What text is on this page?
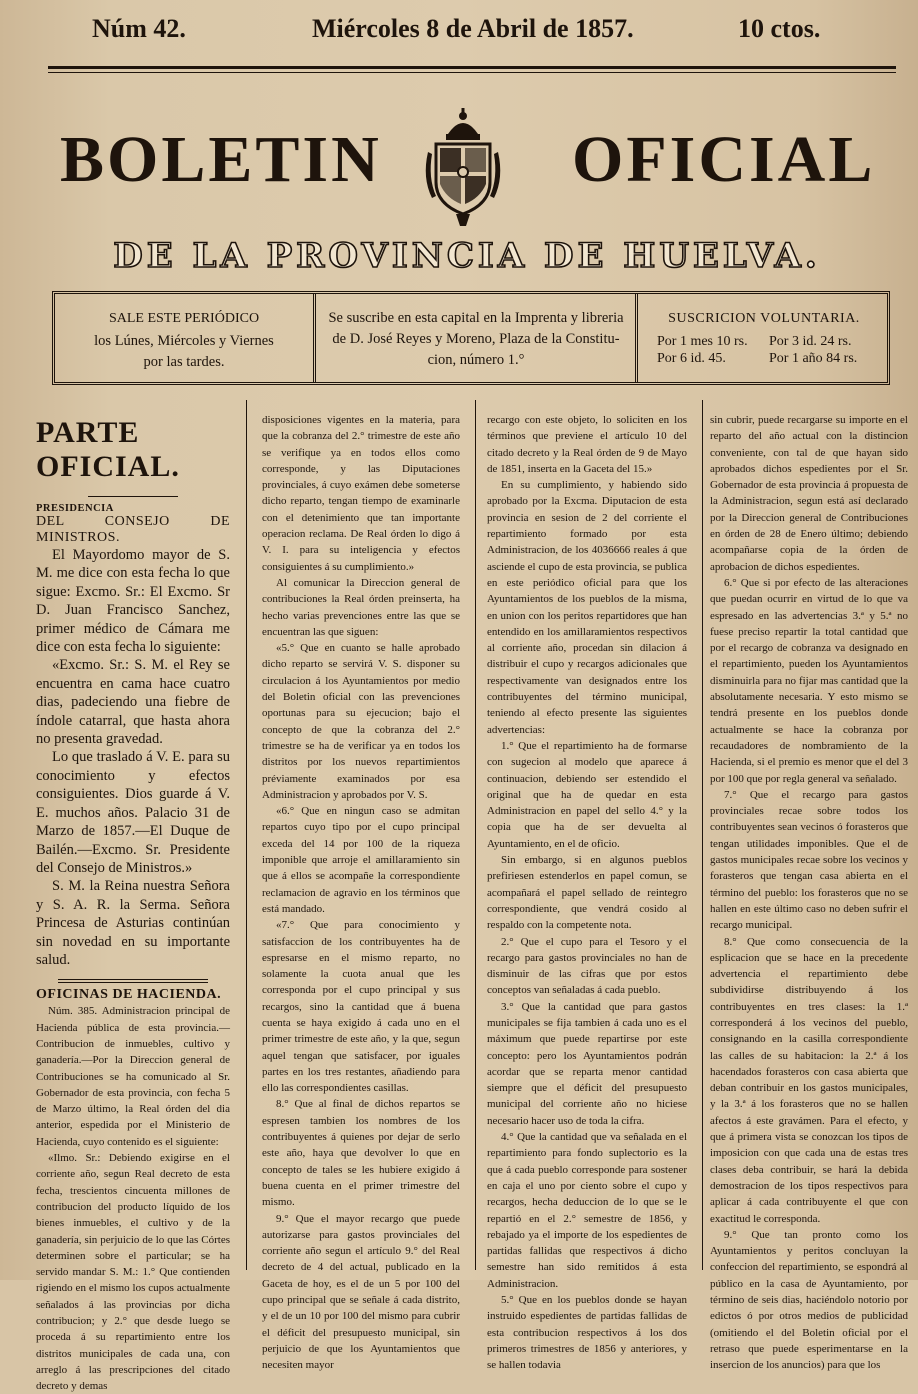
Núm 42.	Miércoles 8 de Abril de 1857.	10 ctos.
BOLETIN	OFICIAL
DE LA PROVINCIA DE HUELVA.
SALE ESTE PERIÓDICO
los Lúnes, Miércoles y Viernes
por las tardes.
Se suscribe en esta capital en la Imprenta y libreria
de D. José Reyes y Moreno, Plaza de la Constitu-
cion, número 1.°
SUSCRICION VOLUNTARIA.
Por 1 mes 10 rs.	Por 3 id. 24 rs.
Por 6 id. 45.	Por 1 año 84 rs.
PARTE OFICIAL.

PRESIDENCIA

DEL CONSEJO DE MINISTROS.

El Mayordomo mayor de S. M. me dice con esta fecha lo que sigue: Excmo. Sr.: El Excmo. Sr D. Juan Francisco Sanchez, primer médico de Cámara me dice con esta fecha lo siguiente:

«Excmo. Sr.: S. M. el Rey se encuentra en cama hace cuatro dias, padeciendo una fiebre de índole catarral, que hasta ahora no presenta gravedad.

Lo que traslado á V. E. para su conocimiento y efectos consiguientes. Dios guarde á V. E. muchos años. Palacio 31 de Marzo de 1857.—El Duque de Bailén.—Excmo. Sr. Presidente del Consejo de Ministros.»

S. M. la Reina nuestra Señora y S. A. R. la Serma. Señora Princesa de Asturias continúan sin novedad en su importante salud.

OFICINAS DE HACIENDA.

Núm. 385. Administracion principal de Hacienda pública de esta provincia.—Contribucion de inmuebles, cultivo y ganadería.—Por la Direccion general de Contribuciones se ha comunicado al Sr. Gobernador de esta provincia, con fecha 5 de Marzo último, la Real órden del dia anterior, espedida por el Ministerio de Hacienda, cuyo contenido es el siguiente:

«Ilmo. Sr.: Debiendo exigirse en el corriente año, segun Real decreto de esta fecha, trescientos cincuenta millones de contribucion del producto líquido de los bienes inmuebles, el cultivo y de la ganadería, sin perjuicio de lo que las Córtes determinen sobre el particular; se ha servido mandar S. M.: 1.° Que contienden rigiendo en el mismo los cupos actualmente señalados á las provincias por dicha contribucion; y 2.° que desde luego se proceda á su repartimiento entre los distritos municipales de cada una, con arreglo á las prescripciones del citado decreto y demas

disposiciones vigentes en la materia, para que la cobranza del 2.° trimestre de este año se verifique ya en todos ellos como corresponde, y las Diputaciones provinciales, á cuyo exámen debe someterse dicho reparto, tengan tiempo de examinarle con el detenimiento que tan importante operacion reclama. De Real órden lo digo á V. I. para su inteligencia y efectos consiguientes á su cumplimiento.»

Al comunicar la Direccion general de contribuciones la Real órden preinserta, ha hecho varias prevenciones entre las que se encuentran las que siguen:

«5.° Que en cuanto se halle aprobado dicho reparto se servirá V. S. disponer su circulacion á los Ayuntamientos por medio del Boletin oficial con las prevenciones oportunas para su ejecucion; bajo el concepto de que la cobranza del 2.° trimestre se ha de verificar ya en todos los distritos por los nuevos repartimientos préviamente examinados por esa Administracion y aprobados por V. S.

«6.° Que en ningun caso se admitan repartos cuyo tipo por el cupo principal exceda del 14 por 100 de la riqueza imponible que arroje el amillaramiento sin que á ellos se acompañe la correspondiente reclamacion de agravio en los términos que está mandado.

«7.° Que para conocimiento y satisfaccion de los contribuyentes ha de espresarse en el mismo reparto, no solamente la cuota anual que les corresponda por el cupo principal y sus recargos, sino la cantidad que á buena cuenta se haya exigido á cada uno en el primer trimestre de este año, y la que, segun aquel tengan que satisfacer, por iguales partes en los tres restantes, añadiendo para ello las correspondientes casillas.

8.° Que al final de dichos repartos se espresen tambien los nombres de los contribuyentes á quienes por dejar de serlo este año, haya que devolver lo que en concepto de tales se les hubiere exigido á buena cuenta en el primer trimestre del mismo.

9.° Que el mayor recargo que puede autorizarse para gastos provinciales del corriente año segun el artículo 9.° del Real decreto de 4 del actual, publicado en la Gaceta de hoy, es el de un 5 por 100 del cupo principal que se señale á cada distrito, y el de un 10 por 100 del mismo para cubrir el déficit del presupuesto municipal, sin perjuicio de que los Ayuntamientos que necesiten mayor

recargo con este objeto, lo soliciten en los términos que previene el artículo 10 del citado decreto y la Real órden de 9 de Mayo de 1851, inserta en la Gaceta del 15.»

En su cumplimiento, y habiendo sido aprobado por la Excma. Diputacion de esta provincia en sesion de 2 del corriente el repartimiento formado por esta Administracion, de los 4036666 reales á que asciende el cupo de esta provincia, se publica en este periódico oficial para que los Ayuntamientos de los pueblos de la misma, en union con los peritos repartidores que han entendido en los amillaramientos respectivos al corriente año, procedan sin dilacion á distribuir el cupo y recargos adicionales que respectivamente van designados entre los contribuyentes del término municipal, teniendo al efecto presente las siguientes advertencias:

1.° Que el repartimiento ha de formarse con sugecion al modelo que aparece á continuacion, debiendo ser estendido el original que ha de quedar en esta Administracion en papel del sello 4.° y la copia que ha de ser devuelta al Ayuntamiento, en el de oficio.

Sin embargo, si en algunos pueblos prefiriesen estenderlos en papel comun, se acompañará el papel sellado de reintegro correspondiente, que vendrá cosido al respaldo con la competente nota.

2.° Que el cupo para el Tesoro y el recargo para gastos provinciales no han de disminuir de las cifras que por estos conceptos van señaladas á cada pueblo.

3.° Que la cantidad que para gastos municipales se fija tambien á cada uno es el máximum que puede repartirse por este concepto: pero los Ayuntamientos podrán acordar que se reparta menor cantidad siempre que el déficit del presupuesto municipal del corriente año no hiciese necesario hacer uso de toda la cifra.

4.° Que la cantidad que va señalada en el repartimiento para fondo suplectorio es la que á cada pueblo corresponde para sostener en caja el uno por ciento sobre el cupo y recargos, hecha deduccion de lo que se le repartió en el 2.° semestre de 1856, y rebajado ya el importe de los espedientes de partidas fallidas que respectivos á dicho semestre han sido remitidos á esta Administracion.

5.° Que en los pueblos donde se hayan instruido espedientes de partidas fallidas de esta contribucion respectivos á los dos primeros trimestres de 1856 y anteriores, y se hallen todavia

sin cubrir, puede recargarse su importe en el reparto del año actual con la distincion conveniente, con tal de que hayan sido aprobados dichos espedientes por el Sr. Gobernador de esta provincia á propuesta de la Administracion, segun está así declarado por la Direccion general de Contribuciones en órden de 28 de Enero último; debiendo acompañarse copia de la órden de aprobacion de dichos espedientes.

6.° Que si por efecto de las alteraciones que puedan ocurrir en virtud de lo que va espresado en las advertencias 3.ª y 5.ª no fuese preciso repartir la total cantidad que por el recargo de cobranza va designado en el repartimiento, pueden los Ayuntamientos disminuirla para no fijar mas cantidad que la absolutamente necesaria. Y esto mismo se tendrá presente en los pueblos donde actualmente se hace la cobranza por recaudadores de nombramiento de la Hacienda, si el premio es menor que el del 3 por 100 que por regla general va señalado.

7.° Que el recargo para gastos provinciales recae sobre todos los contribuyentes sean vecinos ó forasteros que tengan utilidades imponibles. Que el de gastos municipales recae sobre los vecinos y forasteros que tengan casa abierta en el término del pueblo: los forasteros que no se hallen en este último caso no deben sufrir el recargo municipal.

8.° Que como consecuencia de la esplicacion que se hace en la precedente advertencia el repartimiento debe subdividirse distribuyendo á los contribuyentes en tres clases: la 1.ª corresponderá á los vecinos del pueblo, consignando en la casilla correspondiente las calles de su habitacion: la 2.ª á los hacendados forasteros con casa abierta que deban contribuir en los gastos municipales, y la 3.ª á los forasteros que no se hallen afectos á este gravámen. Para el efecto, y que á primera vista se conozcan los tipos de imposicion con que cada una de estas tres clases deba contribuir, se hará la debida demostracion de los tipos respectivos para aplicar á cada contribuyente el que con exactitud le corresponda.

9.° Que tan pronto como los Ayuntamientos y peritos concluyan la confeccion del repartimiento, se espondrá al público en la casa de Ayuntamiento, por término de seis dias, haciéndolo notorio por edictos ó por otros medios de publicidad (omitiendo el del Boletin oficial por el retraso que puede esperimentarse en la insercion de los anuncios) para que los
